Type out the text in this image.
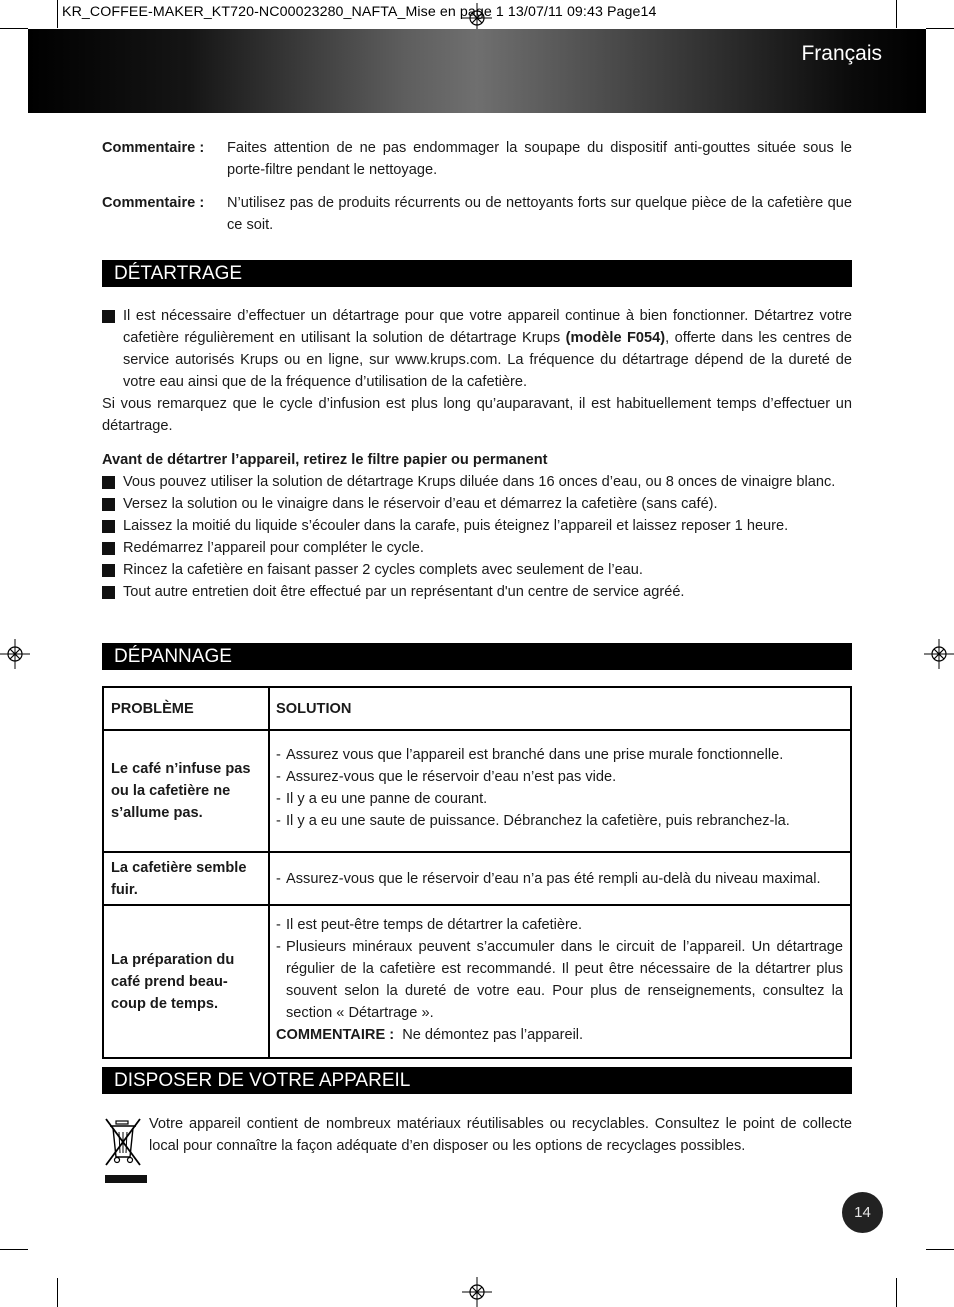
KR_COFFEE-MAKER_KT720-NC00023280_NAFTA_Mise en page 1 13/07/11 09:43 Page14
Français
Commentaire :	Faites attention de ne pas endommager la soupape du dispositif anti-gouttes située sous le porte-filtre pendant le nettoyage.
Commentaire :	N’utilisez pas de produits récurrents ou de nettoyants forts sur quelque pièce de la cafetière que ce soit.
DÉTARTRAGE
Il est nécessaire d’effectuer un détartrage pour que votre appareil continue à bien fonctionner. Détartrez votre cafetière régulièrement en utilisant la solution de détartrage Krups (modèle F054), offerte dans les centres de service autorisés Krups ou en ligne, sur www.krups.com. La fréquence du détartrage dépend de la dureté de votre eau ainsi que de la fréquence d’utilisation de la cafetière.
Si vous remarquez que le cycle d’infusion est plus long qu’auparavant, il est habituellement temps d’effectuer un détartrage.
Avant de détartrer l’appareil, retirez le filtre papier ou permanent
Vous pouvez utiliser la solution de détartrage Krups diluée dans 16 onces d’eau, ou 8 onces de vinaigre blanc.
Versez la solution ou le vinaigre dans le réservoir d’eau et démarrez la cafetière (sans café).
Laissez la moitié du liquide s’écouler dans la carafe, puis éteignez l’appareil et laissez reposer 1 heure.
Redémarrez l’appareil pour compléter le cycle.
Rincez la cafetière en faisant passer 2 cycles complets avec seulement de l’eau.
Tout autre entretien doit être effectué par un représentant d'un centre de service agréé.
DÉPANNAGE
PROBLÈME	SOLUTION
Le café n’infuse pas ou la cafetière ne s’allume pas.	- Assurez vous que l’appareil est branché dans une prise murale fonctionnelle.
- Assurez-vous que le réservoir d’eau n’est pas vide.
- Il y a eu une panne de courant.
- Il y a eu une saute de puissance. Débranchez la cafetière, puis rebranchez-la.

La cafetière semble fuir.	- Assurez-vous que le réservoir d’eau n’a pas été rempli au-delà du niveau maximal.

La préparation du café prend beau-coup de temps.	- Il est peut-être temps de détartrer la cafetière.
- Plusieurs minéraux peuvent s’accumuler dans le circuit de l’appareil. Un détartrage régulier de la cafetière est recommandé. Il peut être nécessaire de la détartrer plus souvent selon la dureté de votre eau. Pour plus de renseignements, consultez la section « Détartrage ».
COMMENTAIRE : Ne démontez pas l’appareil.
DISPOSER DE VOTRE APPAREIL
Votre appareil contient de nombreux matériaux réutilisables ou recyclables. Consultez le point de collecte local pour connaître la façon adéquate d’en disposer ou les options de recyclages possibles.
14
